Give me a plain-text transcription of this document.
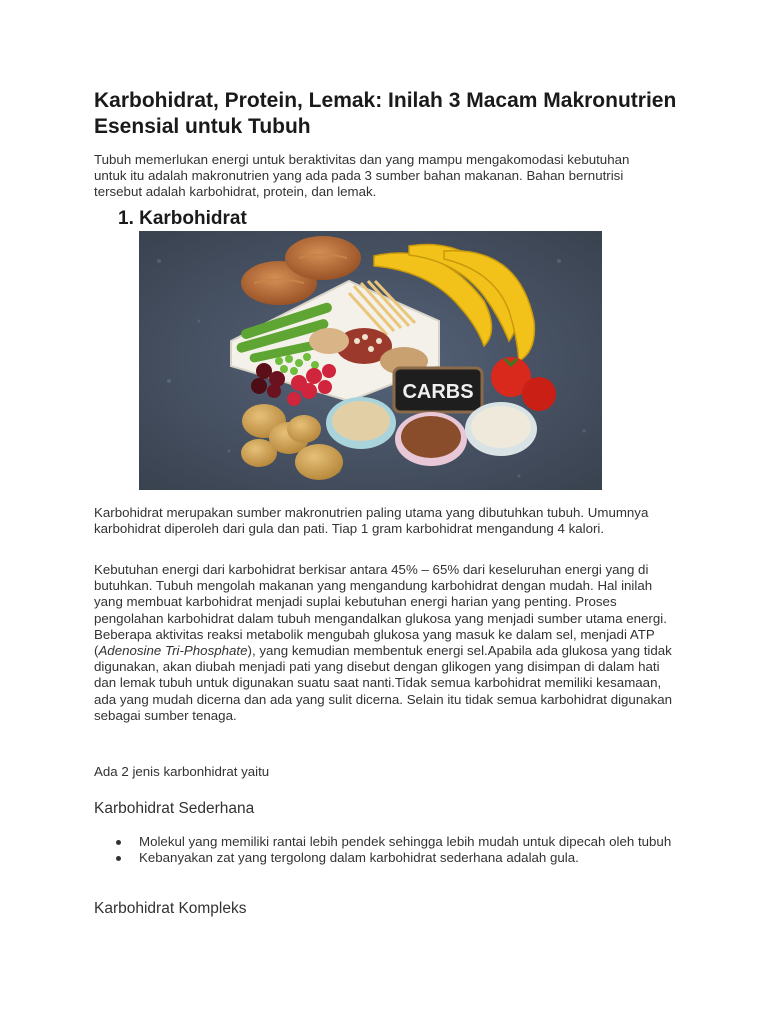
Karbohidrat, Protein, Lemak: Inilah 3 Macam Makronutrien Esensial untuk Tubuh
Tubuh memerlukan energi untuk beraktivitas dan yang mampu mengakomodasi kebutuhan untuk itu adalah makronutrien yang ada pada 3 sumber bahan makanan. Bahan bernutrisi tersebut adalah karbohidrat, protein, dan lemak.
1. Karbohidrat
CARBS
Karbohidrat merupakan sumber makronutrien paling utama yang dibutuhkan tubuh. Umumnya karbohidrat diperoleh dari gula dan pati. Tiap 1 gram karbohidrat mengandung 4 kalori.
Kebutuhan energi dari karbohidrat berkisar antara 45% – 65% dari keseluruhan energi yang di butuhkan. Tubuh mengolah makanan yang mengandung karbohidrat dengan mudah. Hal inilah yang membuat karbohidrat menjadi suplai kebutuhan energi harian yang penting. Proses pengolahan karbohidrat dalam tubuh mengandalkan glukosa yang menjadi sumber utama energi. Beberapa aktivitas reaksi metabolik mengubah glukosa yang masuk ke dalam sel, menjadi ATP (Adenosine Tri-Phosphate), yang kemudian membentuk energi sel.Apabila ada glukosa yang tidak digunakan, akan diubah menjadi pati yang disebut dengan glikogen yang disimpan di dalam hati dan lemak tubuh untuk digunakan suatu saat nanti.Tidak semua karbohidrat memiliki kesamaan, ada yang mudah dicerna dan ada yang sulit dicerna. Selain itu tidak semua karbohidrat digunakan sebagai sumber tenaga.
Ada 2 jenis karbonhidrat yaitu
Karbohidrat Sederhana
Molekul yang memiliki rantai lebih pendek sehingga lebih mudah untuk dipecah oleh tubuh
Kebanyakan zat yang tergolong dalam karbohidrat sederhana adalah gula.
Karbohidrat Kompleks
